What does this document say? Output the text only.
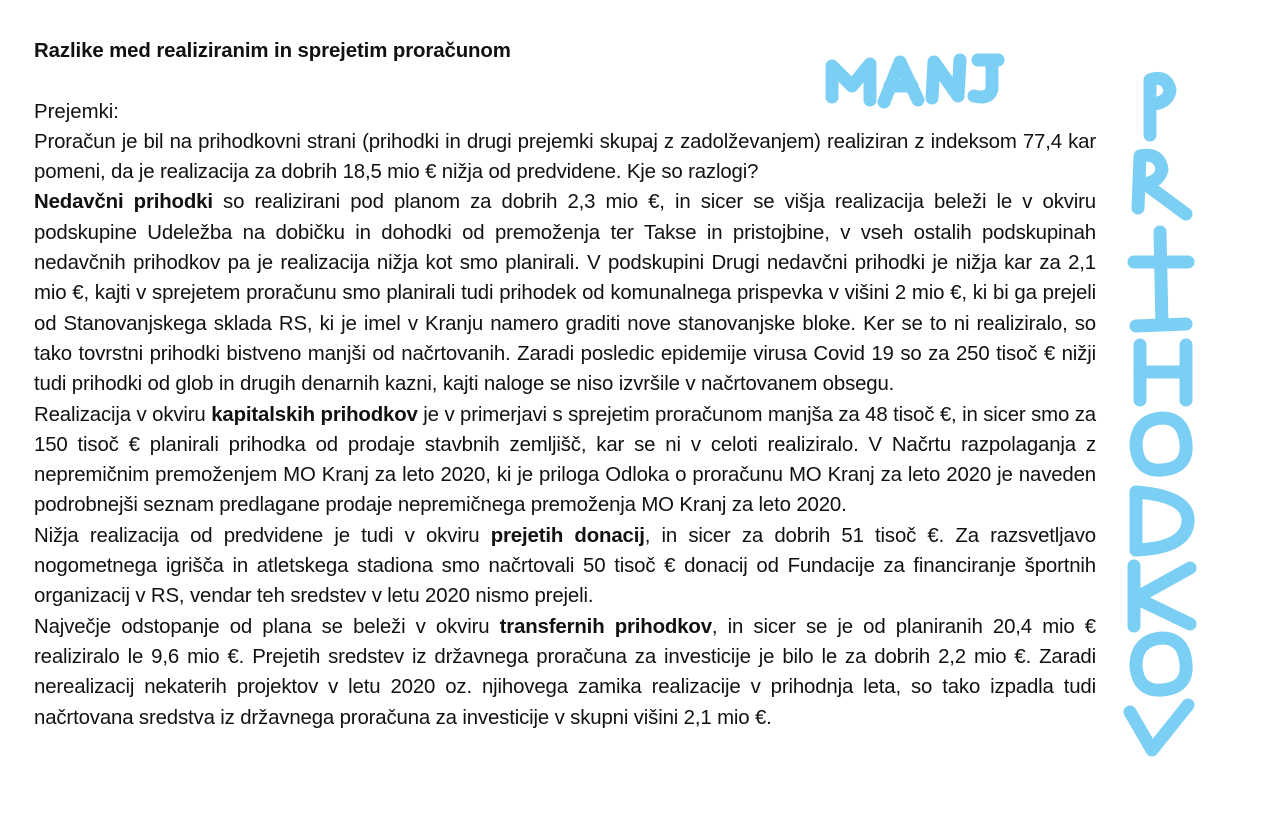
Razlike med realiziranim in sprejetim proračunom

Prejemki:

Proračun je bil na prihodkovni strani (prihodki in drugi prejemki skupaj z zadolževanjem) realiziran z indeksom 77,4 kar pomeni, da je realizacija za dobrih 18,5 mio € nižja od predvidene. Kje so razlogi?

Nedavčni prihodki so realizirani pod planom za dobrih 2,3 mio €, in sicer se višja realizacija beleži le v okviru podskupine Udeležba na dobičku in dohodki od premoženja ter Takse in pristojbine, v vseh ostalih podskupinah nedavčnih prihodkov pa je realizacija nižja kot smo planirali. V podskupini Drugi nedavčni prihodki je nižja kar za 2,1 mio €, kajti v sprejetem proračunu smo planirali tudi prihodek od komunalnega prispevka v višini 2 mio €, ki bi ga prejeli od Stanovanjskega sklada RS, ki je imel v Kranju namero graditi nove stanovanjske bloke. Ker se to ni realiziralo, so tako tovrstni prihodki bistveno manjši od načrtovanih. Zaradi posledic epidemije virusa Covid 19 so za 250 tisoč € nižji tudi prihodki od glob in drugih denarnih kazni, kajti naloge se niso izvršile v načrtovanem obsegu.

Realizacija v okviru kapitalskih prihodkov je v primerjavi s sprejetim proračunom manjša za 48 tisoč €, in sicer smo za 150 tisoč € planirali prihodka od prodaje stavbnih zemljišč, kar se ni v celoti realiziralo. V Načrtu razpolaganja z nepremičnim premoženjem MO Kranj za leto 2020, ki je priloga Odloka o proračunu MO Kranj za leto 2020 je naveden podrobnejši seznam predlagane prodaje nepremičnega premoženja MO Kranj za leto 2020.

Nižja realizacija od predvidene je tudi v okviru prejetih donacij, in sicer za dobrih 51 tisoč €. Za razsvetljavo nogometnega igrišča in atletskega stadiona smo načrtovali 50 tisoč € donacij od Fundacije za financiranje športnih organizacij v RS, vendar teh sredstev v letu 2020 nismo prejeli.

Največje odstopanje od plana se beleži v okviru transfernih prihodkov, in sicer se je od planiranih 20,4 mio € realiziralo le 9,6 mio €. Prejetih sredstev iz državnega proračuna za investicije je bilo le za dobrih 2,2 mio €. Zaradi nerealizacij nekaterih projektov v letu 2020 oz. njihovega zamika realizacije v prihodnja leta, so tako izpadla tudi načrtovana sredstva iz državnega proračuna za investicije v skupni višini 2,1 mio €.
